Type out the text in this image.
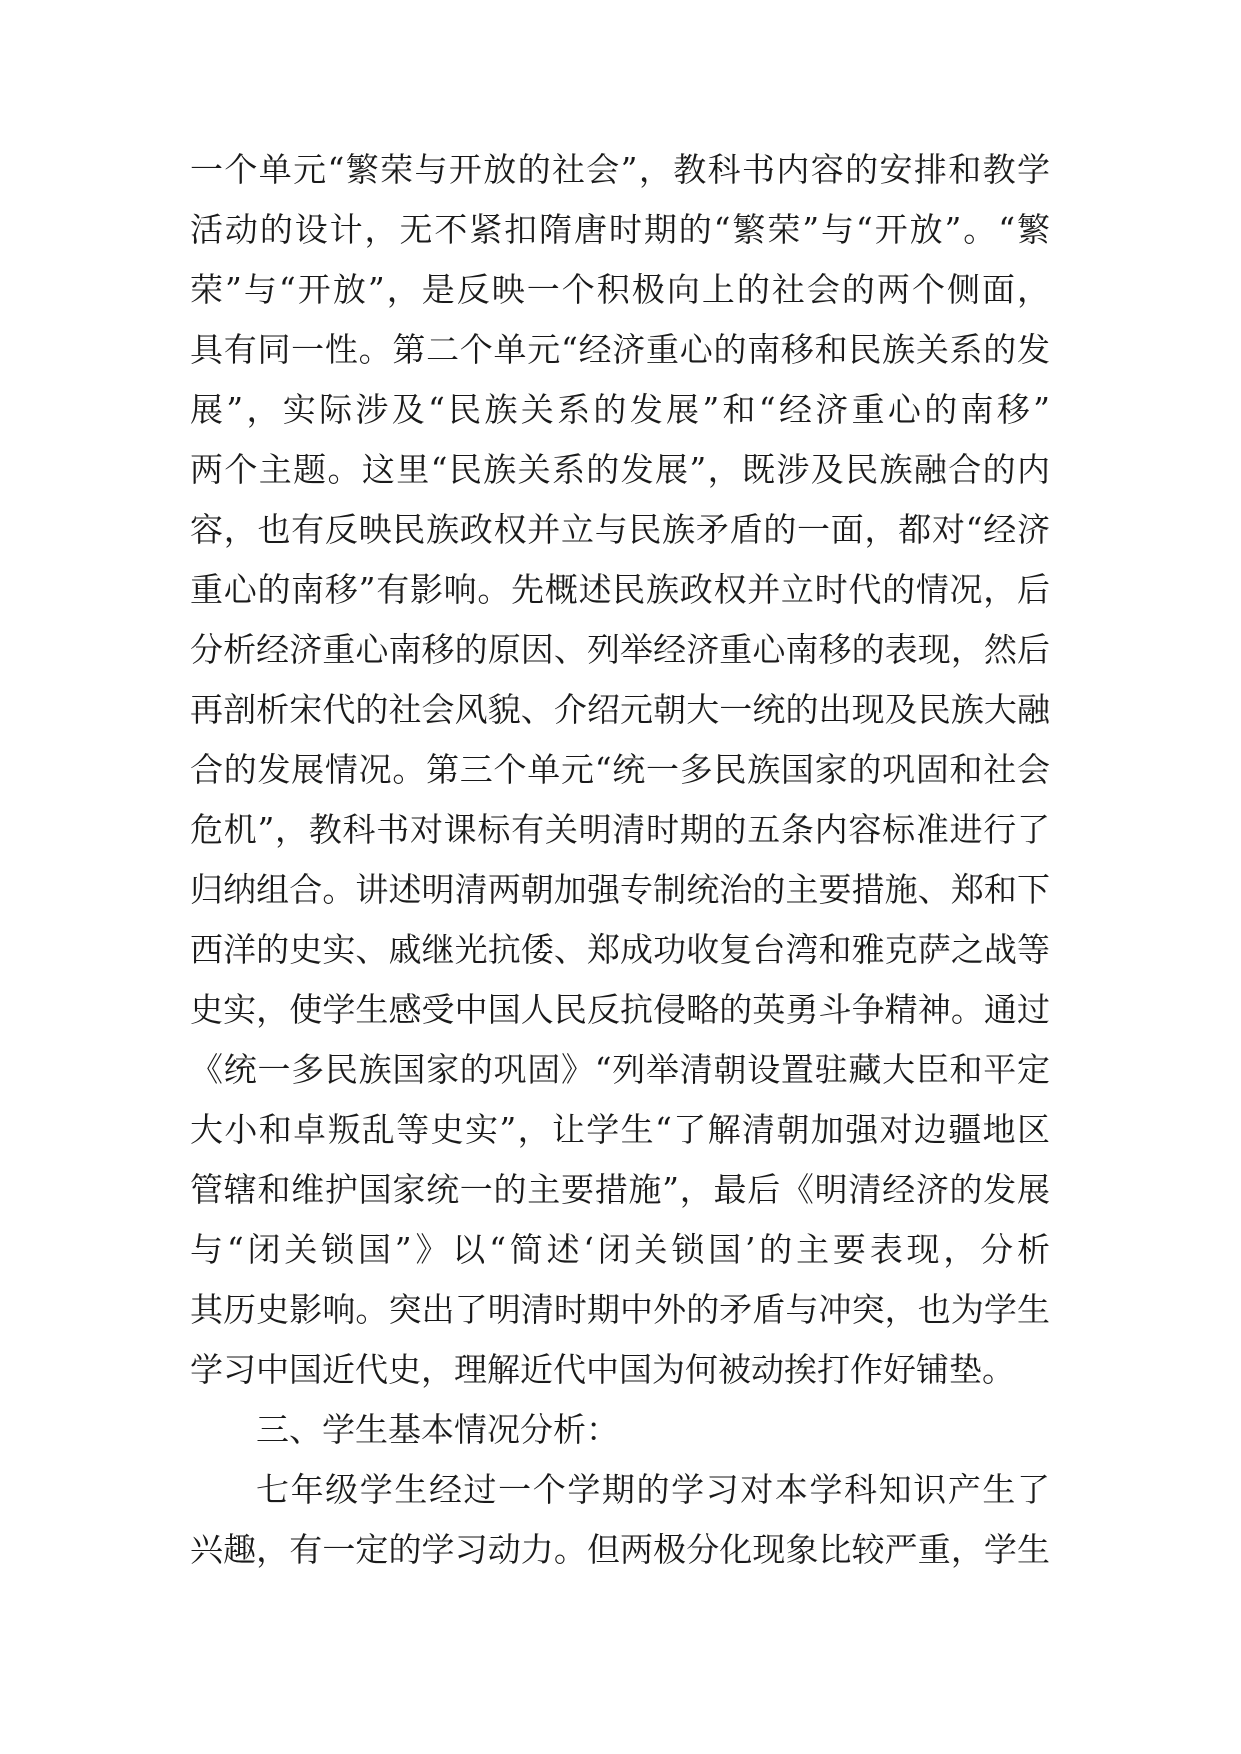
一个单元“繁荣与开放的社会”，教科书内容的安排和教学
活动的设计，无不紧扣隋唐时期的“繁荣”与“开放”。“繁
荣”与“开放”，是反映一个积极向上的社会的两个侧面，
具有同一性。第二个单元“经济重心的南移和民族关系的发
展”，实际涉及“民族关系的发展”和“经济重心的南移”
两个主题。这里“民族关系的发展”，既涉及民族融合的内
容，也有反映民族政权并立与民族矛盾的一面，都对“经济
重心的南移”有影响。先概述民族政权并立时代的情况，后
分析经济重心南移的原因、列举经济重心南移的表现，然后
再剖析宋代的社会风貌、介绍元朝大一统的出现及民族大融
合的发展情况。第三个单元“统一多民族国家的巩固和社会
危机”，教科书对课标有关明清时期的五条内容标准进行了
归纳组合。讲述明清两朝加强专制统治的主要措施、郑和下
西洋的史实、戚继光抗倭、郑成功收复台湾和雅克萨之战等
史实，使学生感受中国人民反抗侵略的英勇斗争精神。通过
《统一多民族国家的巩固》“列举清朝设置驻藏大臣和平定
大小和卓叛乱等史实”，让学生“了解清朝加强对边疆地区
管辖和维护国家统一的主要措施”，最后《明清经济的发展
与“闭关锁国”》以“简述‘闭关锁国’的主要表现，分析
其历史影响。突出了明清时期中外的矛盾与冲突，也为学生
学习中国近代史，理解近代中国为何被动挨打作好铺垫。
三、学生基本情况分析：
七年级学生经过一个学期的学习对本学科知识产生了
兴趣，有一定的学习动力。但两极分化现象比较严重，学生
